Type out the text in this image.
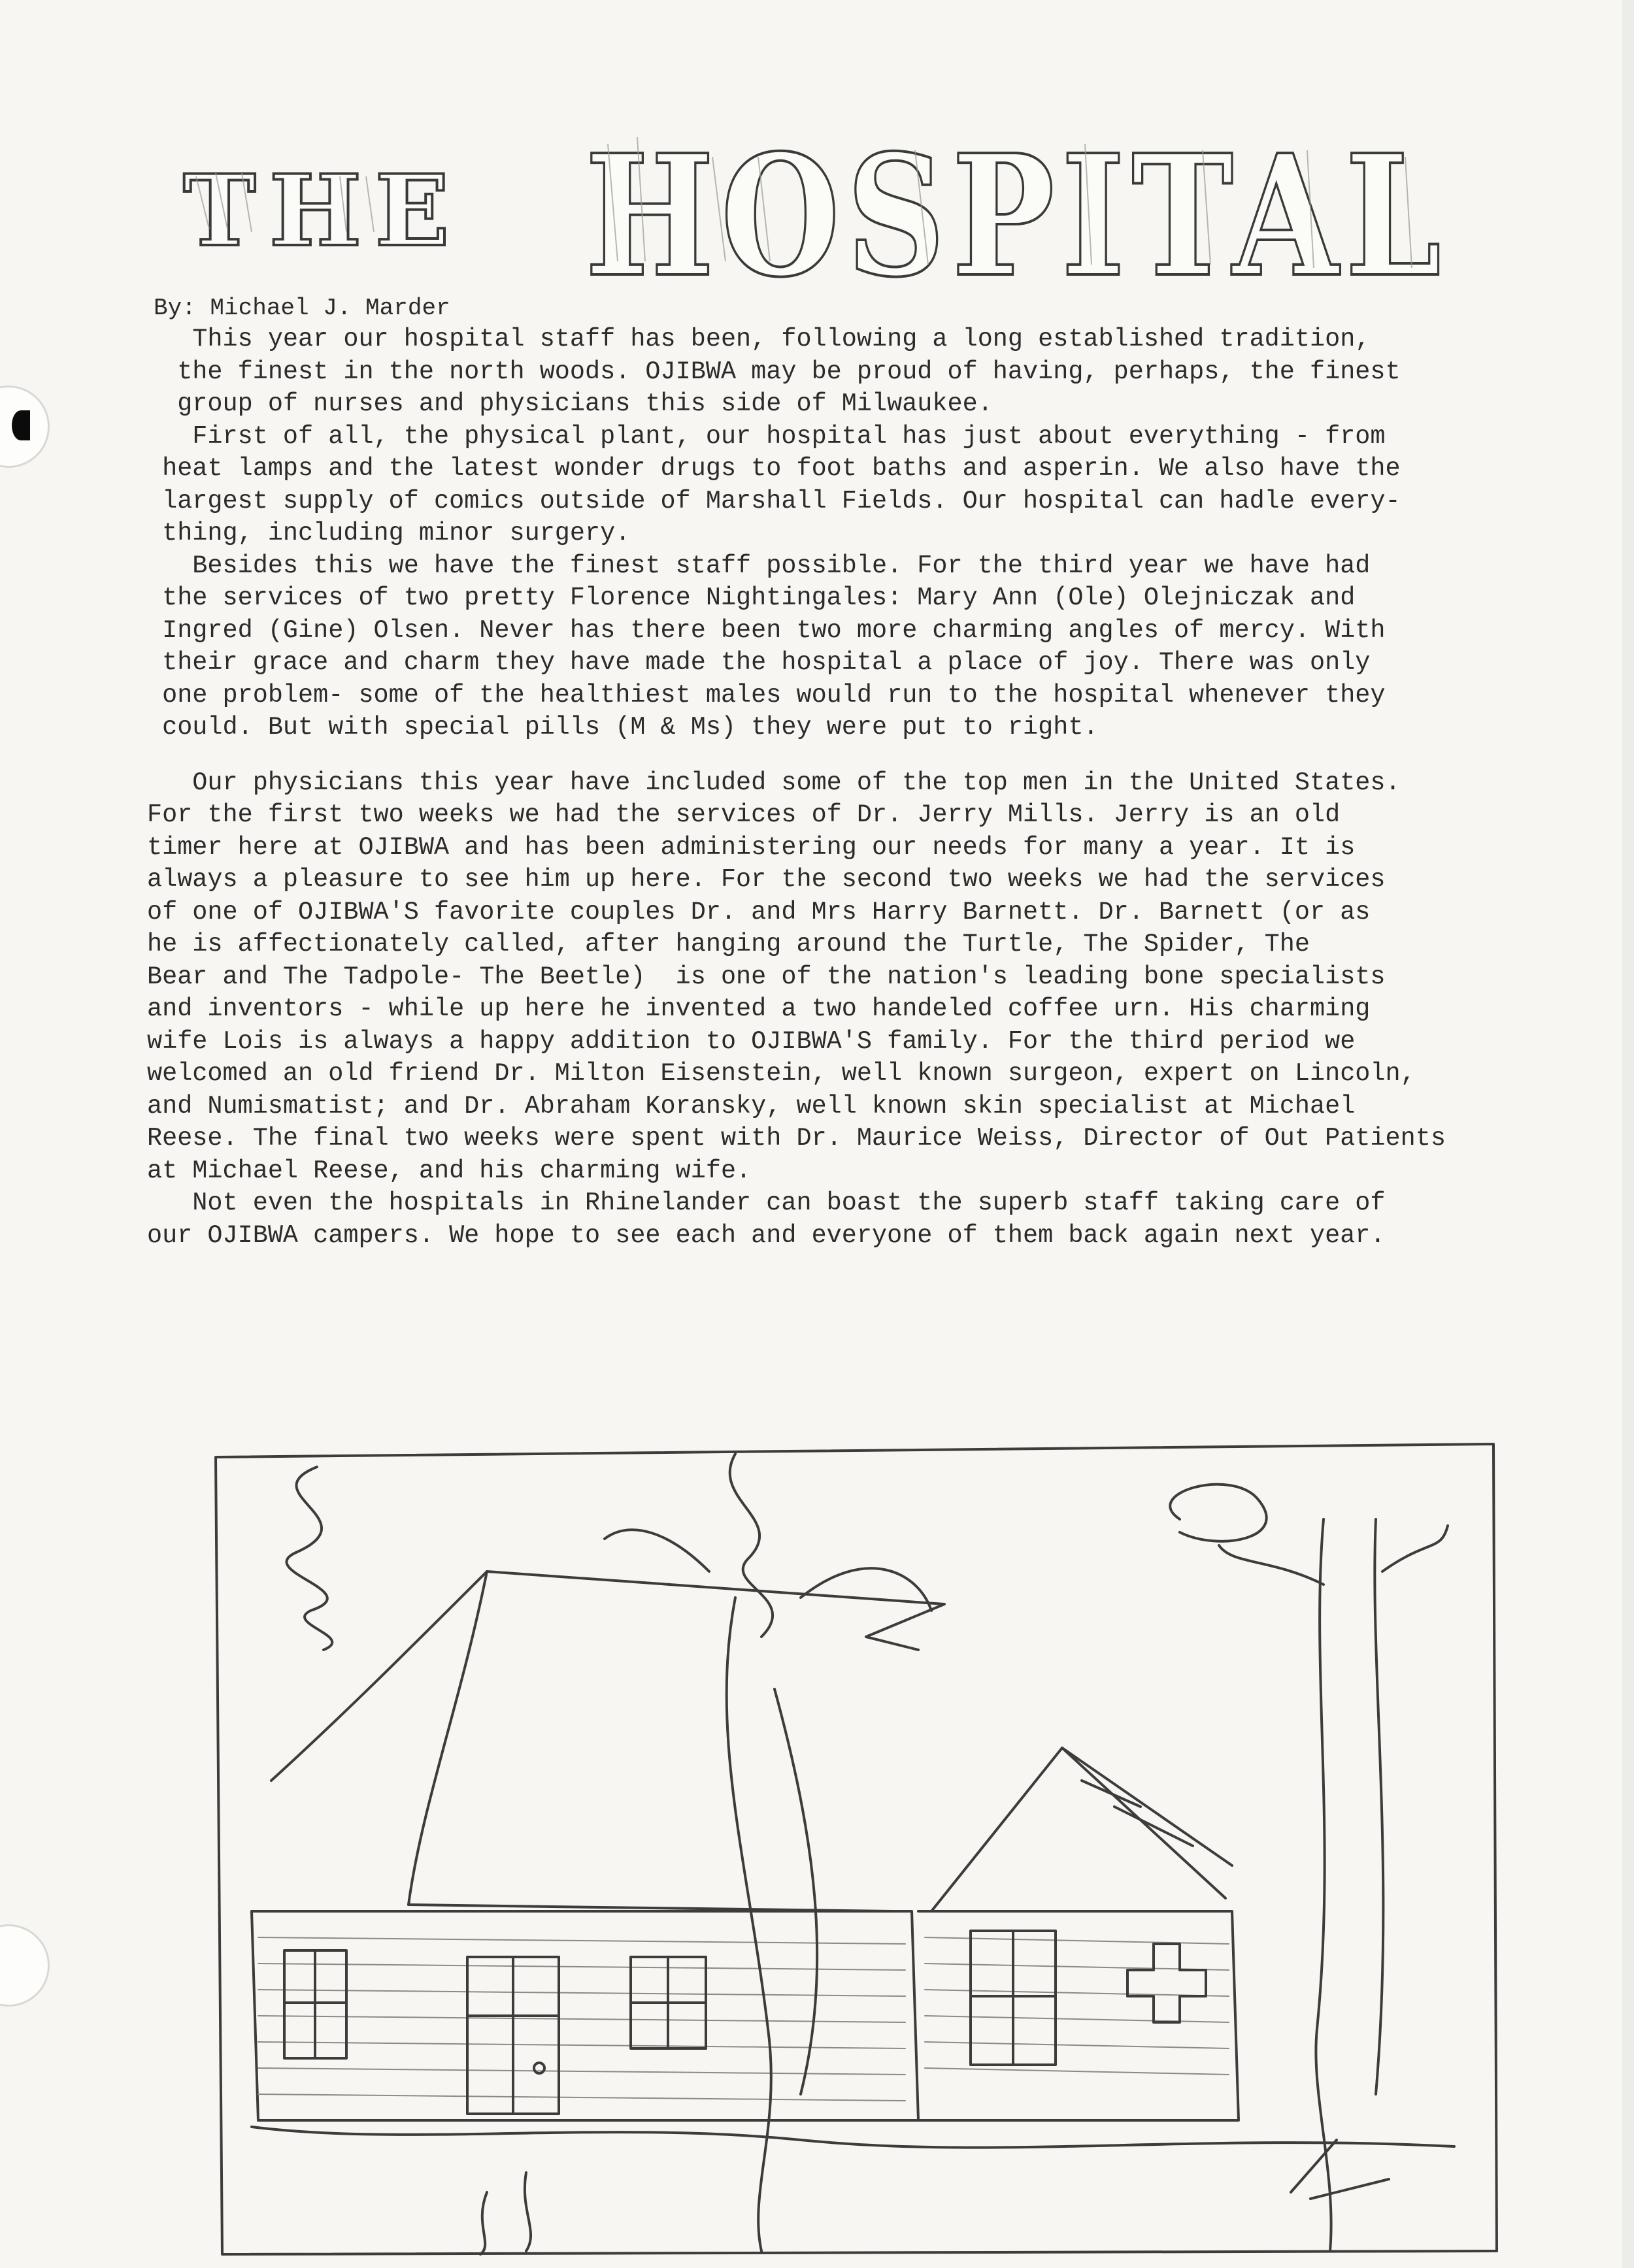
THE HOSPITAL
By: Michael J. Marder
This year our hospital staff has been, following a long established tradition,
the finest in the north woods. OJIBWA may be proud of having, perhaps, the finest
group of nurses and physicians this side of Milwaukee.
First of all, the physical plant, our hospital has just about everything - from
heat lamps and the latest wonder drugs to foot baths and asperin. We also have the
largest supply of comics outside of Marshall Fields. Our hospital can hadle every-
thing, including minor surgery.
Besides this we have the finest staff possible. For the third year we have had
the services of two pretty Florence Nightingales: Mary Ann (Ole) Olejniczak and
Ingred (Gine) Olsen. Never has there been two more charming angles of mercy. With
their grace and charm they have made the hospital a place of joy. There was only
one problem- some of the healthiest males would run to the hospital whenever they
could. But with special pills (M & Ms) they were put to right.
Our physicians this year have included some of the top men in the United States.
For the first two weeks we had the services of Dr. Jerry Mills. Jerry is an old
timer here at OJIBWA and has been administering our needs for many a year. It is
always a pleasure to see him up here. For the second two weeks we had the services
of one of OJIBWA'S favorite couples Dr. and Mrs Harry Barnett. Dr. Barnett (or as
he is affectionately called, after hanging around the Turtle, The Spider, The
Bear and The Tadpole- The Beetle)  is one of the nation's leading bone specialists
and inventors - while up here he invented a two handeled coffee urn. His charming
wife Lois is always a happy addition to OJIBWA'S family. For the third period we
welcomed an old friend Dr. Milton Eisenstein, well known surgeon, expert on Lincoln,
and Numismatist; and Dr. Abraham Koransky, well known skin specialist at Michael
Reese. The final two weeks were spent with Dr. Maurice Weiss, Director of Out Patients
at Michael Reese, and his charming wife.
Not even the hospitals in Rhinelander can boast the superb staff taking care of
our OJIBWA campers. We hope to see each and everyone of them back again next year.
